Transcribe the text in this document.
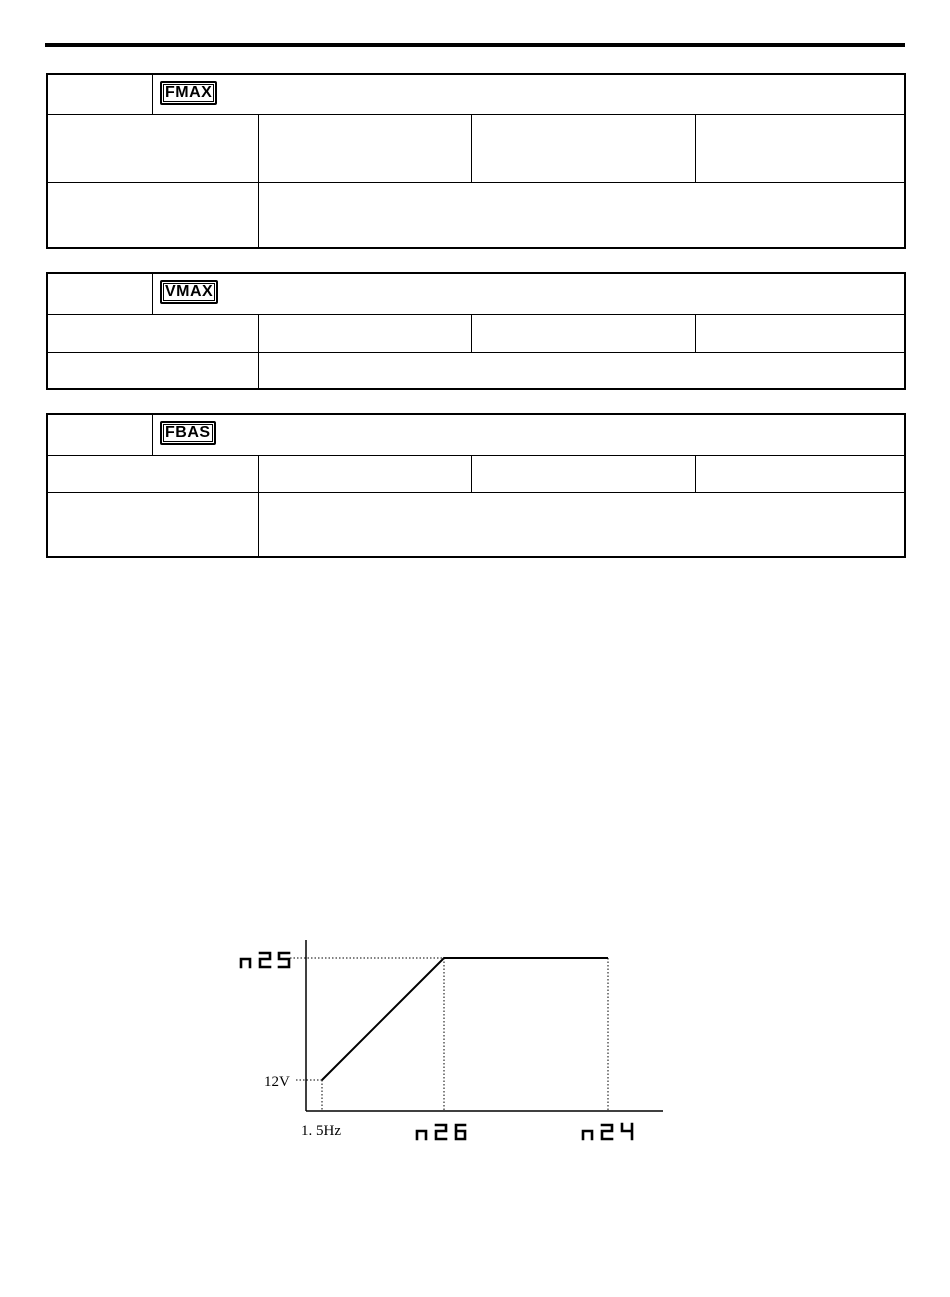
FMAX
VMAX
FBAS
12V
1. 5Hz
